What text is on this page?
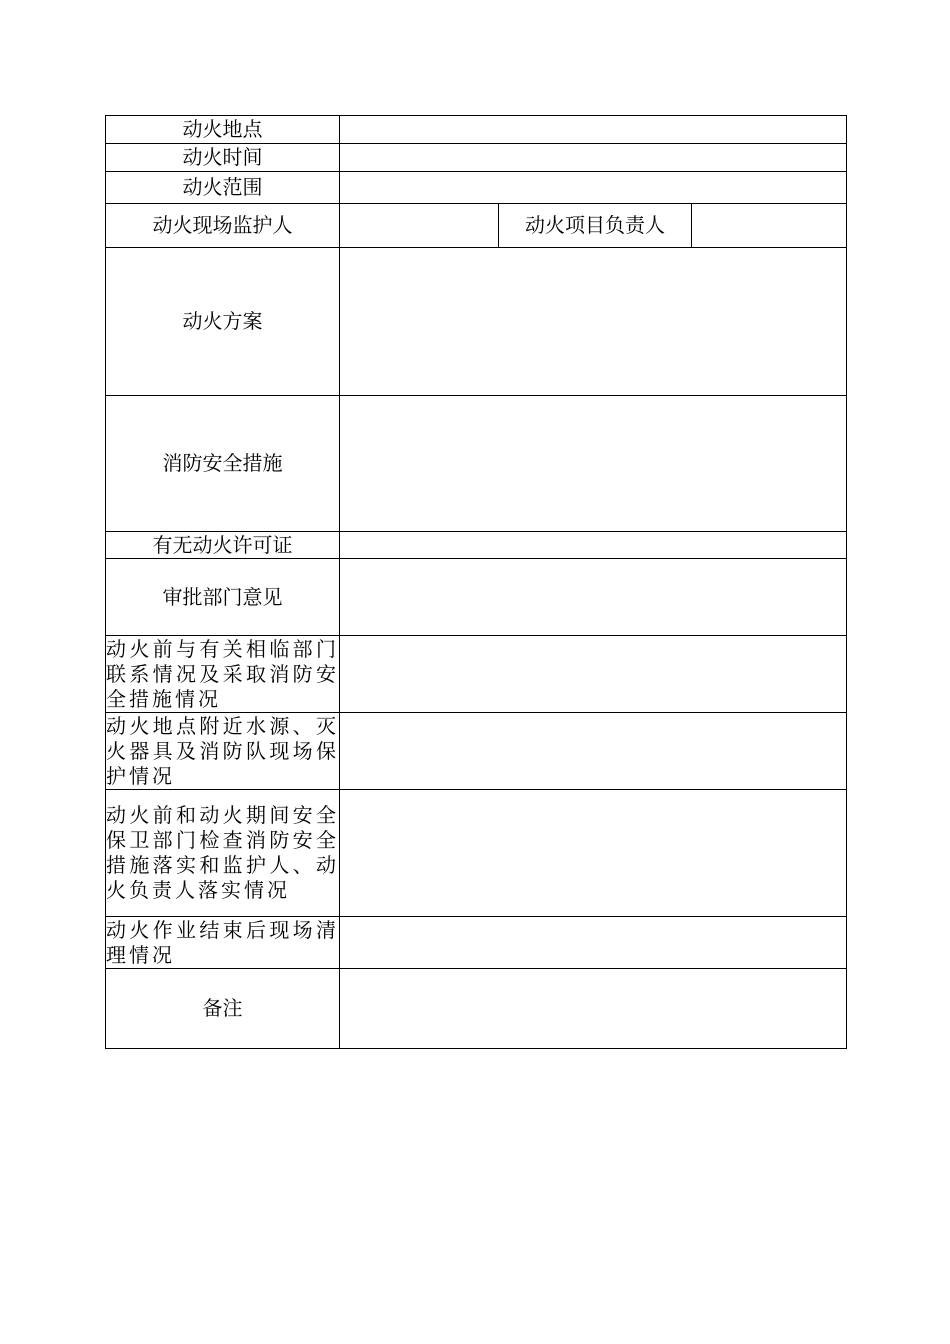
动火地点			
动火时间			
动火范围			
动火现场监护人		动火项目负责人	
动火方案			
消防安全措施			
有无动火许可证			
审批部门意见			
动火前与有关相临部门联系情况及采取消防安全措施情况			
动火地点附近水源、灭火器具及消防队现场保护情况			
动火前和动火期间安全保卫部门检查消防安全措施落实和监护人、动火负责人落实情况			
动火作业结束后现场清理情况			
备注			
